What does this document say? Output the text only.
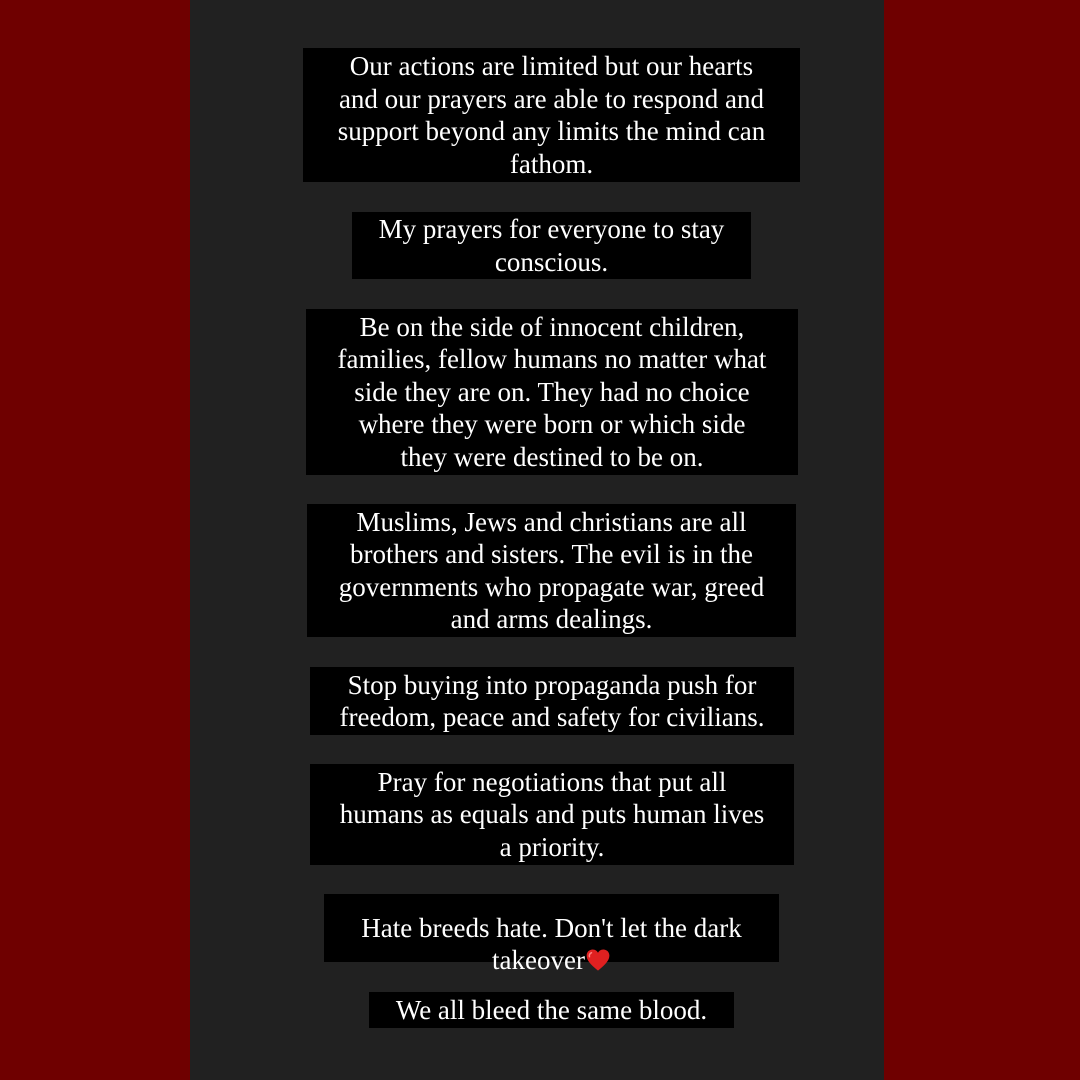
Our actions are limited but our hearts
and our prayers are able to respond and
support beyond any limits the mind can
fathom.
My prayers for everyone to stay
conscious.
Be on the side of innocent children,
families, fellow humans no matter what
side they are on. They had no choice
where they were born or which side
they were destined to be on.
Muslims, Jews and christians are all
brothers and sisters. The evil is in the
governments who propagate war, greed
and arms dealings.
Stop buying into propaganda push for
freedom, peace and safety for civilians.
Pray for negotiations that put all
humans as equals and puts human lives
a priority.

Hate breeds hate. Don't let the dark
takeover

We all bleed the same blood.
